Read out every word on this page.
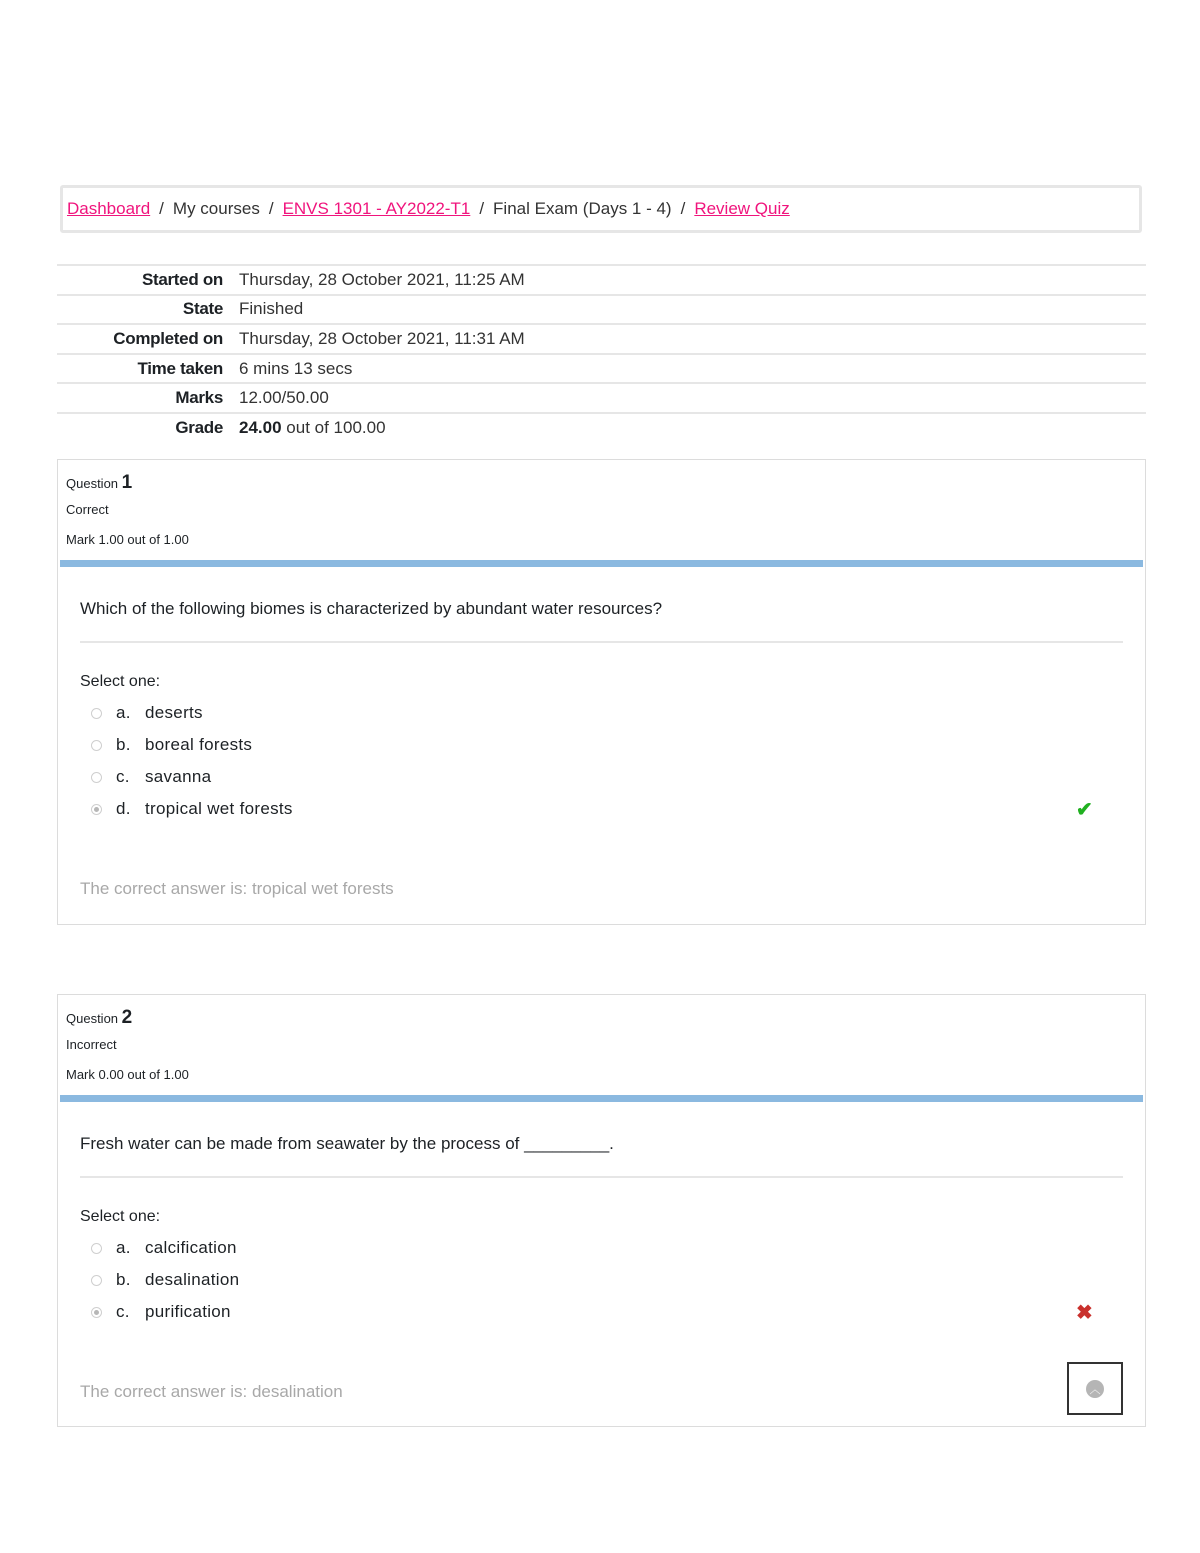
Dashboard / My courses / ENVS 1301 - AY2022-T1 / Final Exam (Days 1 - 4) / Review Quiz
Started on	Thursday, 28 October 2021, 11:25 AM
State	Finished
Completed on	Thursday, 28 October 2021, 11:31 AM
Time taken	6 mins 13 secs
Marks	12.00/50.00
Grade	24.00 out of 100.00
Question 1
Correct
Mark 1.00 out of 1.00
Which of the following biomes is characterized by abundant water resources?
Select one:
a. deserts
b. boreal forests
c. savanna
d. tropical wet forests	✔
The correct answer is: tropical wet forests
Question 2
Incorrect
Mark 0.00 out of 1.00
Fresh water can be made from seawater by the process of _________.
Select one:
a. calcification
b. desalination
c. purification	✖
The correct answer is: desalination	︿
